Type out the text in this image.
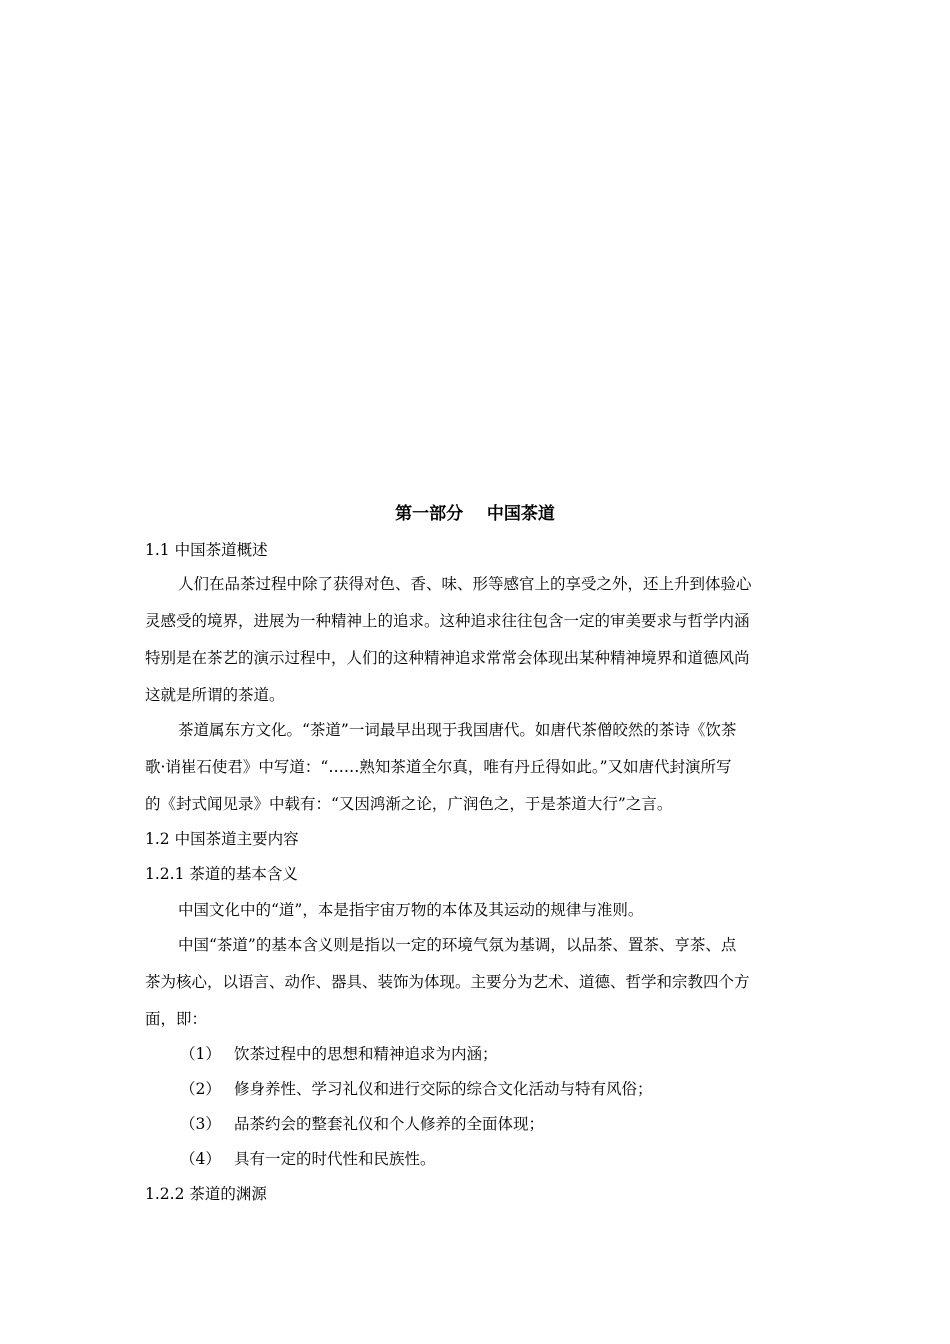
第一部分    中国茶道
1.1 中国茶道概述
人们在品茶过程中除了获得对色、香、味、形等感官上的享受之外，还上升到体验心
灵感受的境界，进展为一种精神上的追求。这种追求往往包含一定的审美要求与哲学内涵
特别是在茶艺的演示过程中，人们的这种精神追求常常会体现出某种精神境界和道德风尚
这就是所谓的茶道。
茶道属东方文化。“茶道”一词最早出现于我国唐代。如唐代茶僧皎然的茶诗《饮茶
歌·诮崔石使君》中写道：“……熟知茶道全尔真，唯有丹丘得如此。”又如唐代封演所写
的《封式闻见录》中载有：“又因鸿渐之论，广润色之，于是茶道大行”之言。
1.2 中国茶道主要内容
1.2.1 茶道的基本含义
中国文化中的“道”，本是指宇宙万物的本体及其运动的规律与准则。
中国“茶道”的基本含义则是指以一定的环境气氛为基调，以品茶、置茶、亨茶、点
茶为核心，以语言、动作、器具、装饰为体现。主要分为艺术、道德、哲学和宗教四个方
面，即：
（1） 饮茶过程中的思想和精神追求为内涵；
（2） 修身养性、学习礼仪和进行交际的综合文化活动与特有风俗；
（3） 品茶约会的整套礼仪和个人修养的全面体现；
（4） 具有一定的时代性和民族性。
1.2.2 茶道的渊源
